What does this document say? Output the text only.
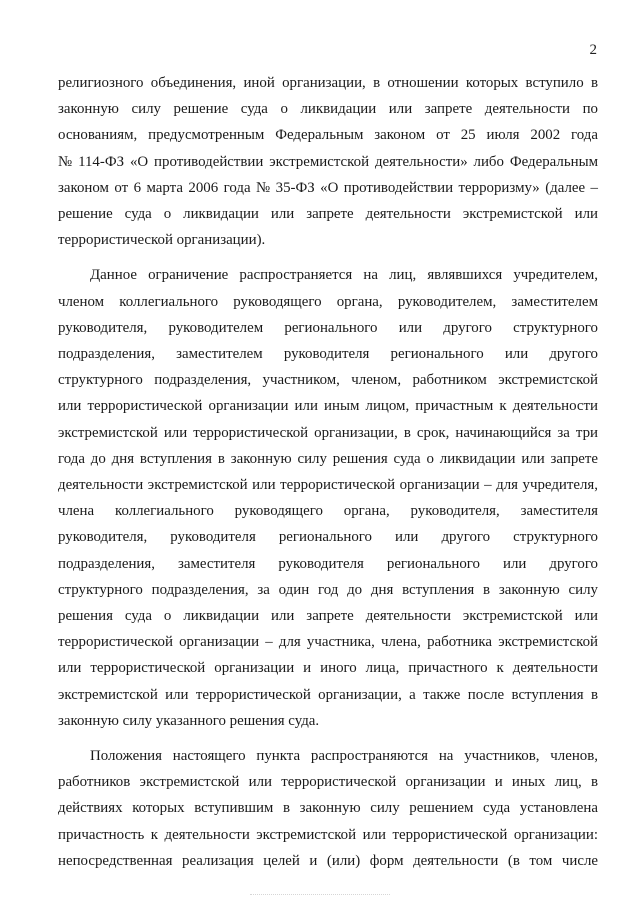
2
религиозного объединения, иной организации, в отношении которых вступило в
законную силу решение суда о ликвидации или запрете деятельности по
основаниям, предусмотренным Федеральным законом от 25 июля 2002 года
№ 114-ФЗ «О противодействии экстремистской деятельности» либо Федеральным
законом от 6 марта 2006 года № 35-ФЗ «О противодействии терроризму» (далее –
решение суда о ликвидации или запрете деятельности экстремистской или
террористической организации).
Данное ограничение распространяется на лиц, являвшихся учредителем,
членом коллегиального руководящего органа, руководителем, заместителем
руководителя, руководителем регионального или другого структурного
подразделения, заместителем руководителя регионального или другого
структурного подразделения, участником, членом, работником экстремистской
или террористической организации или иным лицом, причастным к деятельности
экстремистской или террористической организации, в срок, начинающийся за три
года до дня вступления в законную силу решения суда о ликвидации или запрете
деятельности экстремистской или террористической организации – для учредителя,
члена коллегиального руководящего органа, руководителя, заместителя
руководителя, руководителя регионального или другого структурного
подразделения, заместителя руководителя регионального или другого
структурного подразделения, за один год до дня вступления в законную силу
решения суда о ликвидации или запрете деятельности экстремистской или
террористической организации – для участника, члена, работника экстремистской
или террористической организации и иного лица, причастного к деятельности
экстремистской или террористической организации, а также после вступления в
законную силу указанного решения суда.
Положения настоящего пункта распространяются на участников, членов,
работников экстремистской или террористической организации и иных лиц, в
действиях которых вступившим в законную силу решением суда установлена
причастность к деятельности экстремистской или террористической организации:
непосредственная реализация целей и (или) форм деятельности (в том числе
